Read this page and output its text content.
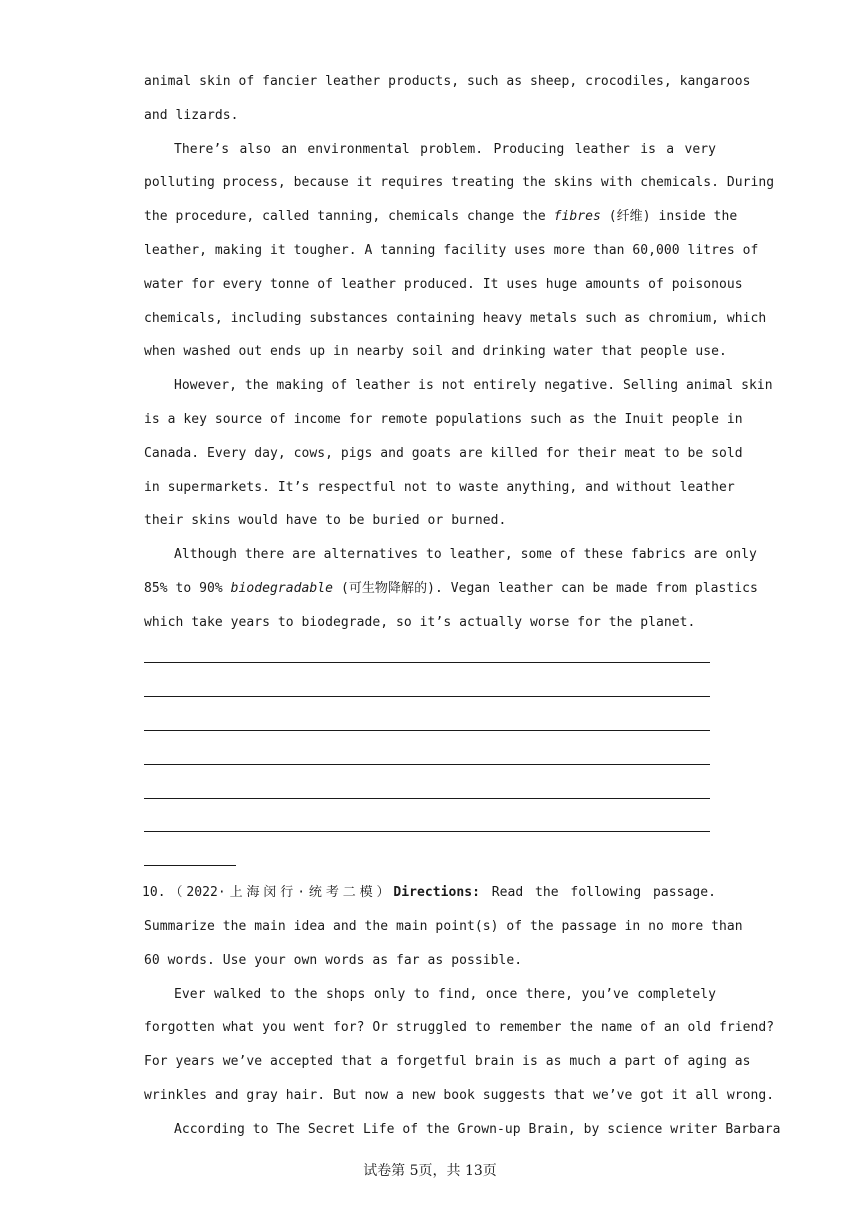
animal skin of fancier leather products, such as sheep, crocodiles, kangaroos
and lizards.
There’s also an environmental problem. Producing leather is a very
polluting process, because it requires treating the skins with chemicals. During
the procedure, called tanning, chemicals change the fibres (纤维) inside the
leather, making it tougher. A tanning facility uses more than 60,000 litres of
water for every tonne of leather produced. It uses huge amounts of poisonous
chemicals, including substances containing heavy metals such as chromium, which
when washed out ends up in nearby soil and drinking water that people use.
However, the making of leather is not entirely negative. Selling animal skin
is a key source of income for remote populations such as the Inuit people in
Canada. Every day, cows, pigs and goats are killed for their meat to be sold
in supermarkets. It’s respectful not to waste anything, and without leather
their skins would have to be buried or burned.
Although there are alternatives to leather, some of these fabrics are only
85% to 90% biodegradable (可生物降解的). Vegan leather can be made from plastics
which take years to biodegrade, so it’s actually worse for the planet.
10.（2022·上海闵行·统考二模）Directions: Read the following passage.
Summarize the main idea and the main point(s) of the passage in no more than
60 words. Use your own words as far as possible.
Ever walked to the shops only to find, once there, you’ve completely
forgotten what you went for? Or struggled to remember the name of an old friend?
For years we’ve accepted that a forgetful brain is as much a part of aging as
wrinkles and gray hair. But now a new book suggests that we’ve got it all wrong.
According to The Secret Life of the Grown-up Brain, by science writer Barbara
试卷第 5页，共 13页
